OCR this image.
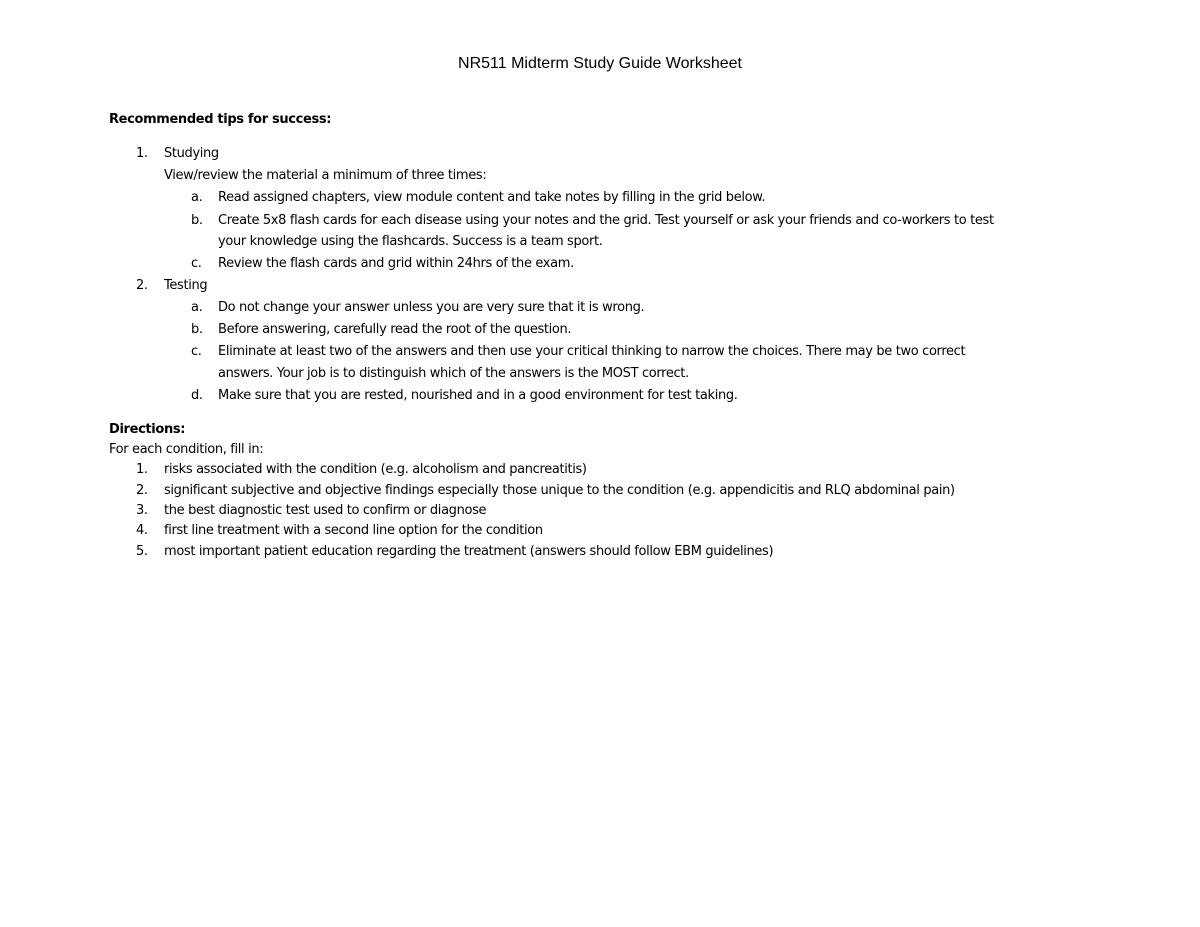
NR511 Midterm Study Guide Worksheet
Recommended tips for success:
1.	Studying
View/review the material a minimum of three times:
a. Read assigned chapters, view module content and take notes by filling in the grid below.
b. Create 5x8 flash cards for each disease using your notes and the grid. Test yourself or ask your friends and co-workers to test
your knowledge using the flashcards. Success is a team sport.
c. Review the flash cards and grid within 24hrs of the exam.
2.	Testing
a. Do not change your answer unless you are very sure that it is wrong.
b. Before answering, carefully read the root of the question.
c. Eliminate at least two of the answers and then use your critical thinking to narrow the choices. There may be two correct
answers. Your job is to distinguish which of the answers is the MOST correct.
d. Make sure that you are rested, nourished and in a good environment for test taking.
Directions:
For each condition, fill in:
1.	risks associated with the condition (e.g. alcoholism and pancreatitis)
2.	significant subjective and objective findings especially those unique to the condition (e.g. appendicitis and RLQ abdominal pain)
3.	the best diagnostic test used to confirm or diagnose
4.	first line treatment with a second line option for the condition
5.	most important patient education regarding the treatment (answers should follow EBM guidelines)
